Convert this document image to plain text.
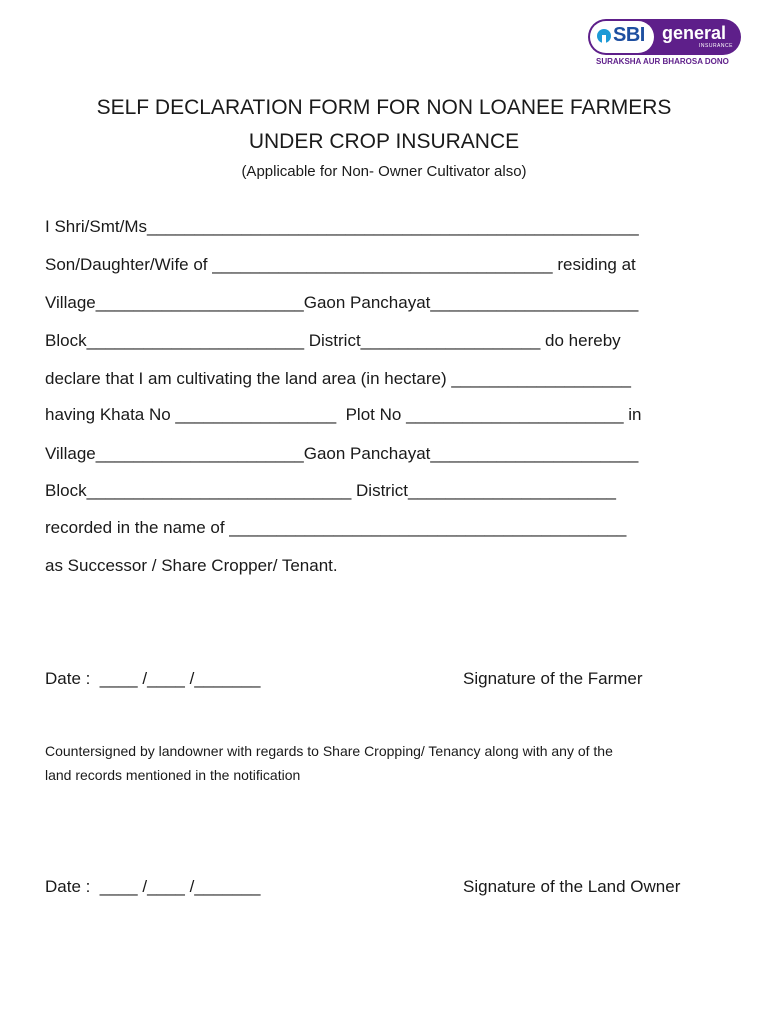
SBI general
INSURANCE
SURAKSHA AUR BHAROSA DONO
SELF DECLARATION FORM FOR NON LOANEE FARMERS
UNDER CROP INSURANCE
(Applicable for Non- Owner Cultivator also)
I Shri/Smt/Ms____________________________________________________
Son/Daughter/Wife of ____________________________________ residing at
Village______________________Gaon Panchayat______________________
Block_______________________ District___________________ do hereby
declare that I am cultivating the land area (in hectare) ___________________
having Khata No _________________  Plot No _______________________ in
Village______________________Gaon Panchayat______________________
Block____________________________ District______________________
recorded in the name of __________________________________________
as Successor / Share Cropper/ Tenant.
Date :  ____ /____ /_______	Signature of the Farmer
Countersigned by landowner with regards to Share Cropping/ Tenancy along with any of the
land records mentioned in the notification
Date :  ____ /____ /_______	Signature of the Land Owner
